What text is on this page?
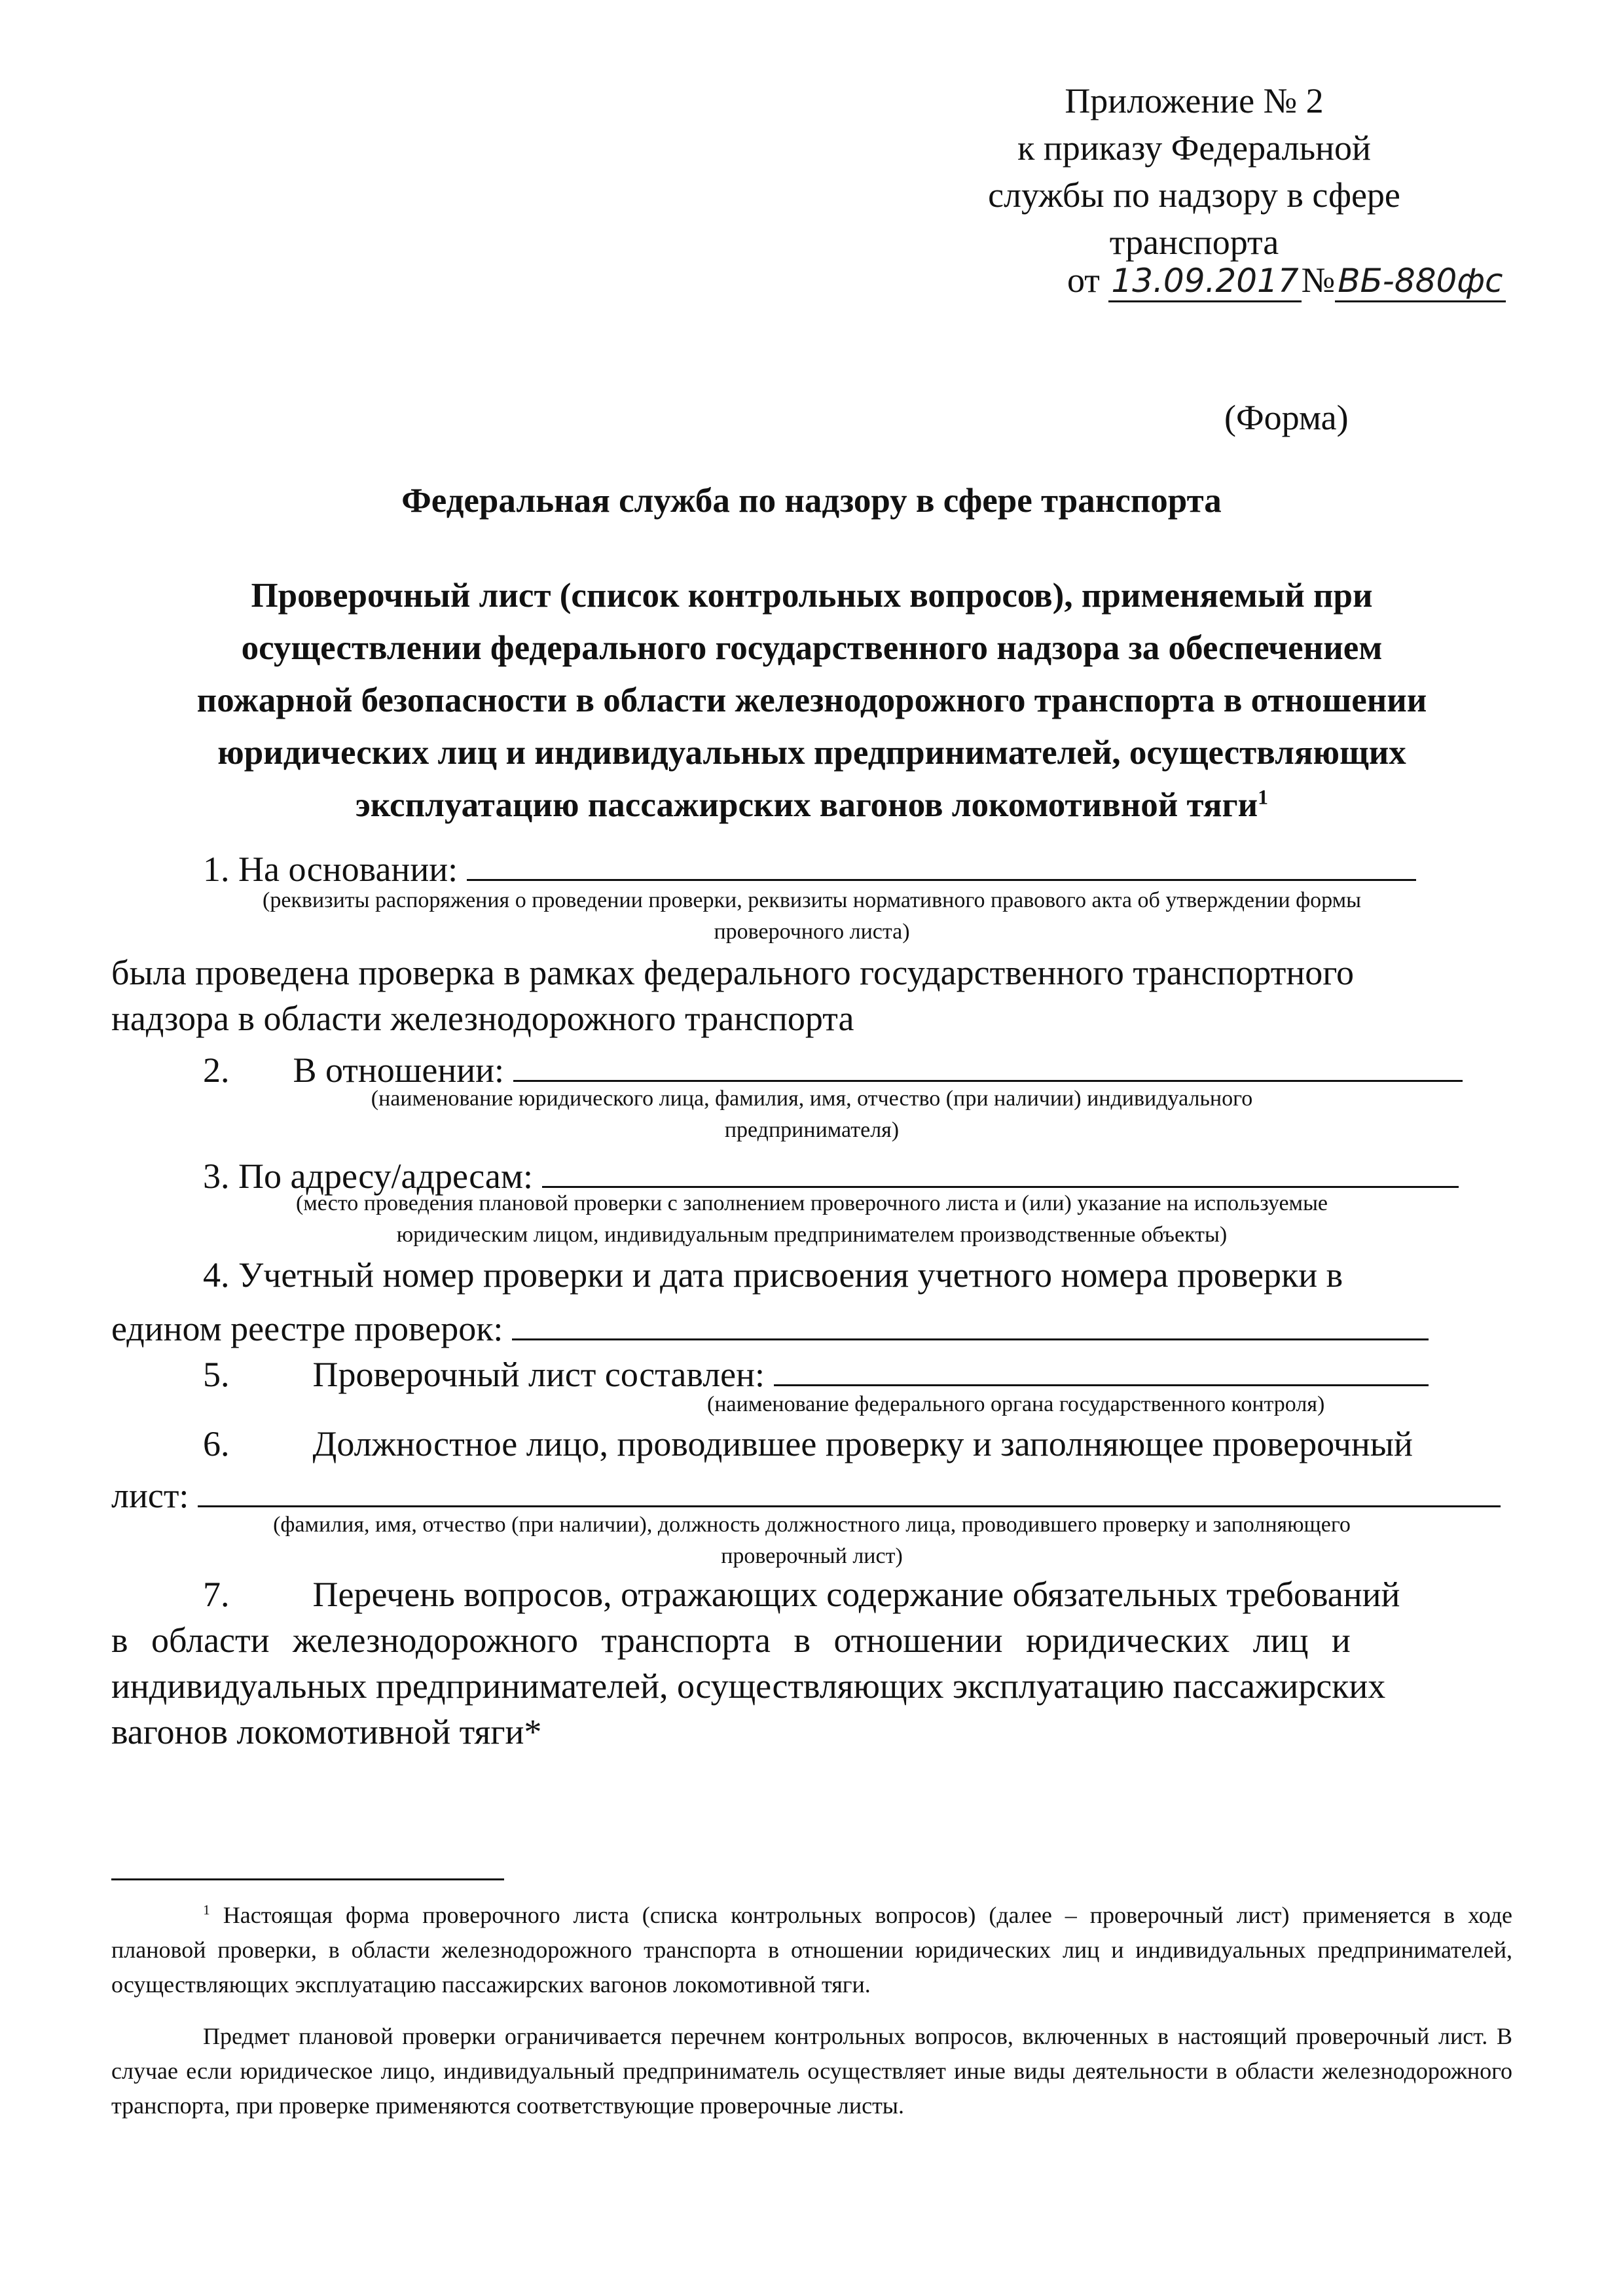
Приложение № 2
к приказу Федеральной
службы по надзору в сфере
транспорта
от 13.09.2017№ВБ-880фс
(Форма)
Федеральная служба по надзору в сфере транспорта
Проверочный лист (список контрольных вопросов), применяемый при
осуществлении федерального государственного надзора за обеспечением
пожарной безопасности в области железнодорожного транспорта в отношении
юридических лиц и индивидуальных предпринимателей, осуществляющих
эксплуатацию пассажирских вагонов локомотивной тяги$^1$
1. На основании:
(реквизиты распоряжения о проведении проверки, реквизиты нормативного правового акта об утверждении формы
проверочного листа)
была проведена проверка в рамках федерального государственного транспортного
надзора в области железнодорожного транспорта
2. В отношении:
(наименование юридического лица, фамилия, имя, отчество (при наличии) индивидуального
предпринимателя)
3. По адресу/адресам:
(место проведения плановой проверки с заполнением проверочного листа и (или) указание на используемые
юридическим лицом, индивидуальным предпринимателем производственные объекты)
4. Учетный номер проверки и дата присвоения учетного номера проверки в
едином реестре проверок:
5. Проверочный лист составлен:
(наименование федерального органа государственного контроля)
6. Должностное лицо, проводившее проверку и заполняющее проверочный
лист:
(фамилия, имя, отчество (при наличии), должность должностного лица, проводившего проверку и заполняющего
проверочный лист)
7. Перечень вопросов, отражающих содержание обязательных требований
в области железнодорожного транспорта в отношении юридических лиц и
индивидуальных предпринимателей, осуществляющих эксплуатацию пассажирских
вагонов локомотивной тяги*
$^1$ Настоящая форма проверочного листа (списка контрольных вопросов) (далее – проверочный лист) применяется в ходе плановой проверки, в области железнодорожного транспорта в отношении юридических лиц и индивидуальных предпринимателей, осуществляющих эксплуатацию пассажирских вагонов локомотивной тяги.
Предмет плановой проверки ограничивается перечнем контрольных вопросов, включенных в настоящий проверочный лист. В случае если юридическое лицо, индивидуальный предприниматель осуществляет иные виды деятельности в области железнодорожного транспорта, при проверке применяются соответствующие проверочные листы.
